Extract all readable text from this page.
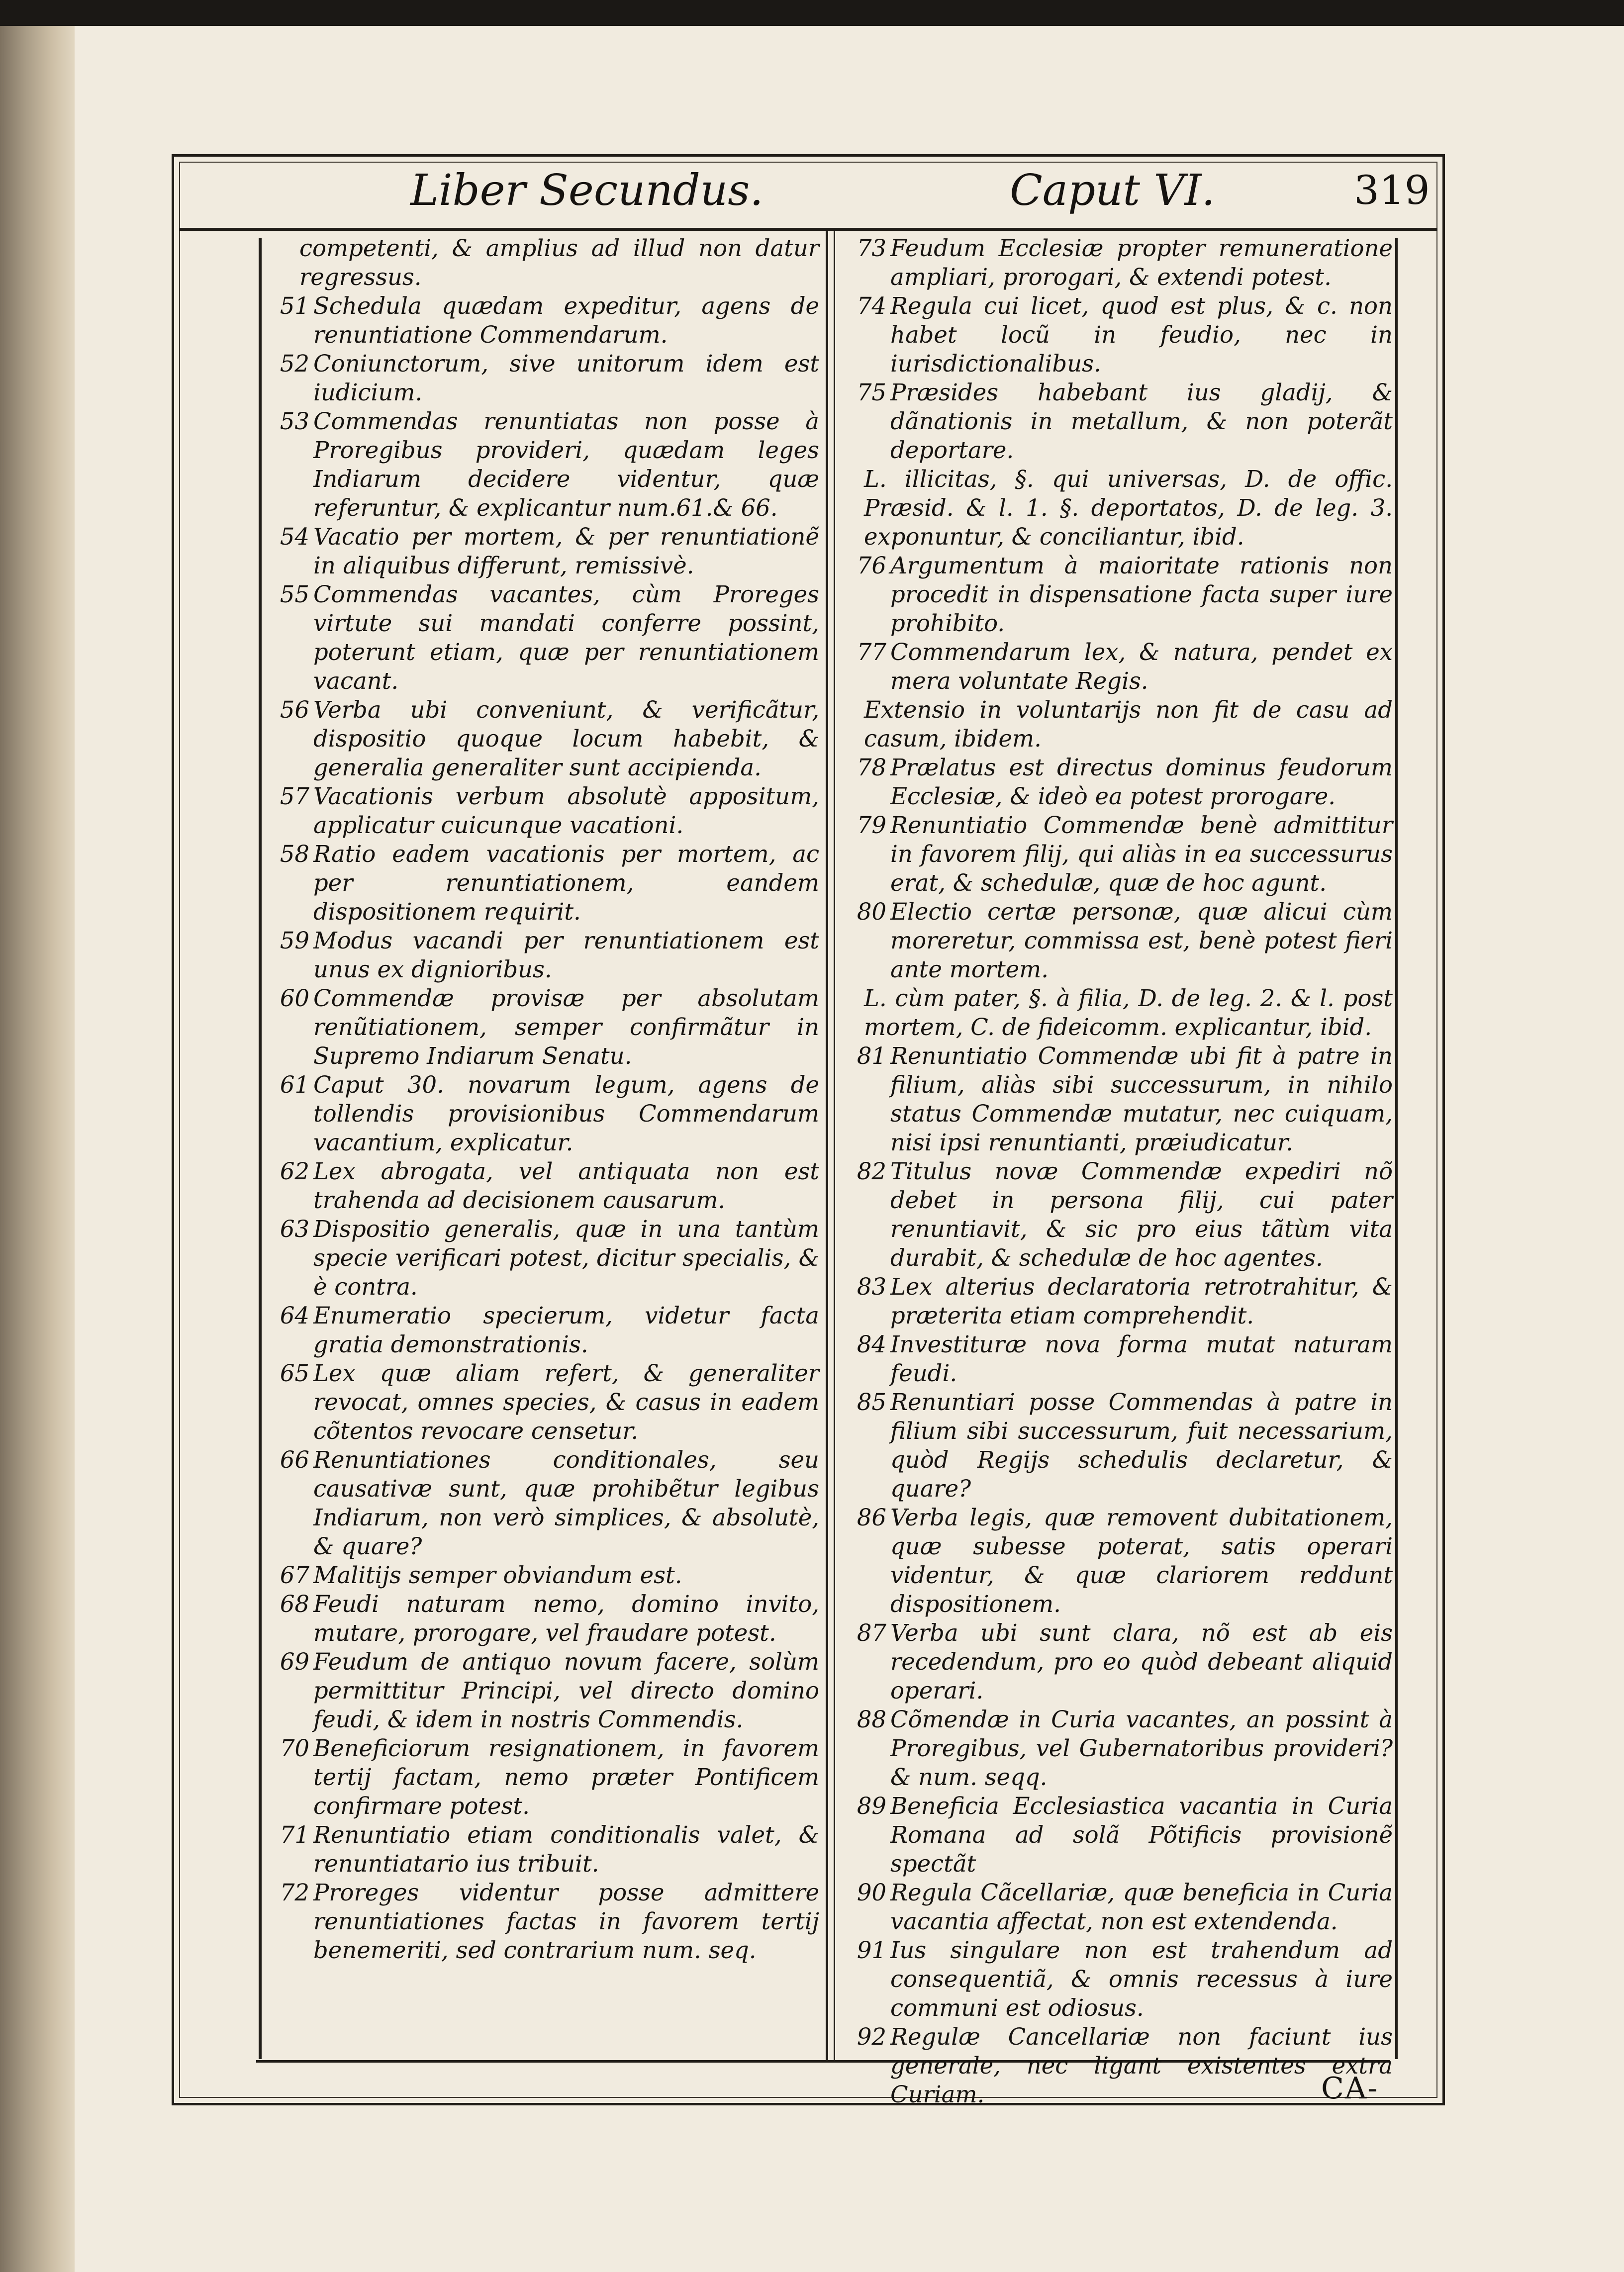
Liber Secundus.	Caput VI.	319
competenti, & amplius ad illud non datur regressus.
51 Schedula quædam expeditur, agens de renuntiatione Commendarum.
52 Coniunctorum, sive unitorum idem est iudicium.
53 Commendas renuntiatas non posse à Proregibus provideri, quædam leges Indiarum decidere videntur, quæ referuntur, & explicantur num.61.& 66.
54 Vacatio per mortem, & per renuntiationẽ in aliquibus differunt, remissivè.
55 Commendas vacantes, cùm Proreges virtute sui mandati conferre possint, poterunt etiam, quæ per renuntiationem vacant.
56 Verba ubi conveniunt, & verificãtur, dispositio quoque locum habebit, & generalia generaliter sunt accipienda.
57 Vacationis verbum absolutè appositum, applicatur cuicunque vacationi.
58 Ratio eadem vacationis per mortem, ac per renuntiationem, eandem dispositionem requirit.
59 Modus vacandi per renuntiationem est unus ex dignioribus.
60 Commendæ provisæ per absolutam renũtiationem, semper confirmãtur in Supremo Indiarum Senatu.
61 Caput 30. novarum legum, agens de tollendis provisionibus Commendarum vacantium, explicatur.
62 Lex abrogata, vel antiquata non est trahenda ad decisionem causarum.
63 Dispositio generalis, quæ in una tantùm specie verificari potest, dicitur specialis, & è contra.
64 Enumeratio specierum, videtur facta gratia demonstrationis.
65 Lex quæ aliam refert, & generaliter revocat, omnes species, & casus in eadem cõtentos revocare censetur.
66 Renuntiationes conditionales, seu causativæ sunt, quæ prohibẽtur legibus Indiarum, non verò simplices, & absolutè, & quare?
67 Malitijs semper obviandum est.
68 Feudi naturam nemo, domino invito, mutare, prorogare, vel fraudare potest.
69 Feudum de antiquo novum facere, solùm permittitur Principi, vel directo domino feudi, & idem in nostris Commendis.
70 Beneficiorum resignationem, in favorem tertij factam, nemo præter Pontificem confirmare potest.
71 Renuntiatio etiam conditionalis valet, & renuntiatario ius tribuit.
72 Proreges videntur posse admittere renuntiationes factas in favorem tertij benemeriti, sed contrarium num. seq.
73 Feudum Ecclesiæ propter remuneratione ampliari, prorogari, & extendi potest.
74 Regula cui licet, quod est plus, & c. non habet locũ in feudio, nec in iurisdictionalibus.
75 Præsides habebant ius gladij, & dãnationis in metallum, & non poterãt deportare.
L. illicitas, §. qui universas, D. de offic. Præsid. & l. 1. §. deportatos, D. de leg. 3. exponuntur, & conciliantur, ibid.
76 Argumentum à maioritate rationis non procedit in dispensatione facta super iure prohibito.
77 Commendarum lex, & natura, pendet ex mera voluntate Regis.
Extensio in voluntarijs non fit de casu ad casum, ibidem.
78 Prælatus est directus dominus feudorum Ecclesiæ, & ideò ea potest prorogare.
79 Renuntiatio Commendæ benè admittitur in favorem filij, qui aliàs in ea successurus erat, & schedulæ, quæ de hoc agunt.
80 Electio certæ personæ, quæ alicui cùm moreretur, commissa est, benè potest fieri ante mortem.
L. cùm pater, §. à filia, D. de leg. 2. & l. post mortem, C. de fideicomm. explicantur, ibid.
81 Renuntiatio Commendæ ubi fit à patre in filium, aliàs sibi successurum, in nihilo status Commendæ mutatur, nec cuiquam, nisi ipsi renuntianti, præiudicatur.
82 Titulus novæ Commendæ expediri nõ debet in persona filij, cui pater renuntiavit, & sic pro eius tãtùm vita durabit, & schedulæ de hoc agentes.
83 Lex alterius declaratoria retrotrahitur, & præterita etiam comprehendit.
84 Investituræ nova forma mutat naturam feudi.
85 Renuntiari posse Commendas à patre in filium sibi successurum, fuit necessarium, quòd Regijs schedulis declaretur, & quare?
86 Verba legis, quæ removent dubitationem, quæ subesse poterat, satis operari videntur, & quæ clariorem reddunt dispositionem.
87 Verba ubi sunt clara, nõ est ab eis recedendum, pro eo quòd debeant aliquid operari.
88 Cõmendæ in Curia vacantes, an possint à Proregibus, vel Gubernatoribus provideri? & num. seqq.
89 Beneficia Ecclesiastica vacantia in Curia Romana ad solã Põtificis provisionẽ spectãt
90 Regula Cãcellariæ, quæ beneficia in Curia vacantia affectat, non est extendenda.
91 Ius singulare non est trahendum ad consequentiã, & omnis recessus à iure communi est odiosus.
92 Regulæ Cancellariæ non faciunt ius generale, nec ligant existentes extra Curiam.	CA-
